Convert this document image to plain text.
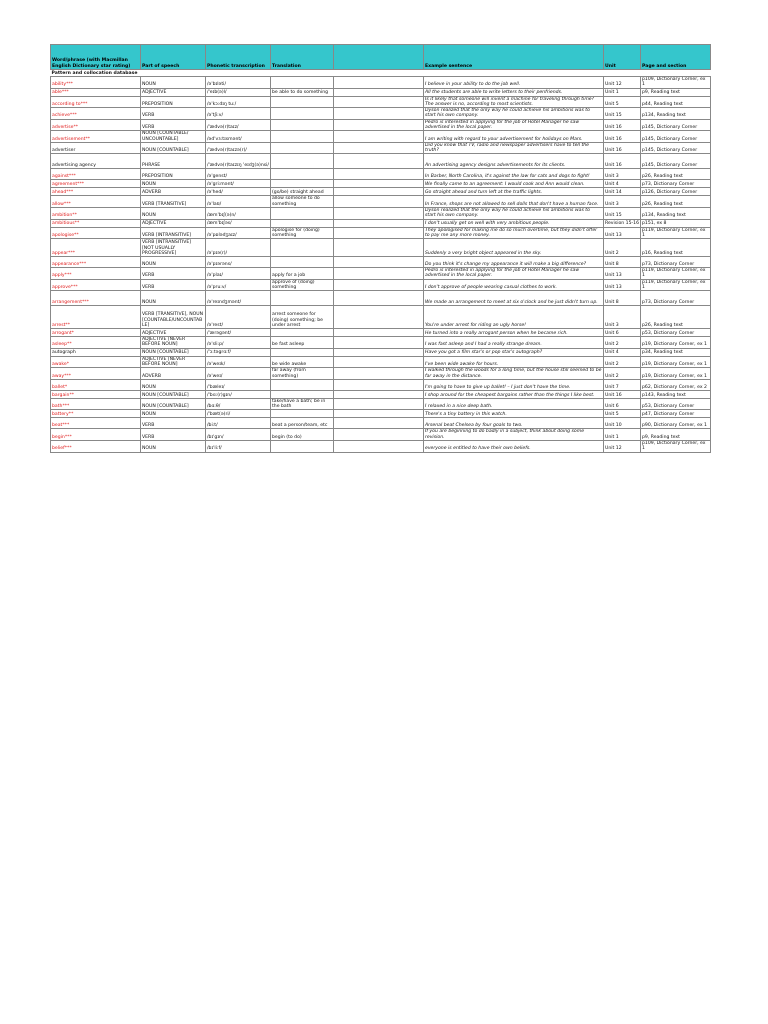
Word/phrase (with Macmillan English Dictionary star rating)	Part of speech	Phonetic transcription	Translation		Example sentence	Unit	Page and section
Pattern and collocation database							
ability***	NOUN	/ə'bɪləti/			I believe in your ability to do the job well.	Unit 12	p109, Dictionary Corner, ex 1
able***	ADJECTIVE	/'eɪb(ə)l/	be able to do something		All the students are able to write letters to their penfriends.	Unit 1	p9, Reading text
according to***	PREPOSITION	/ə'kɔːdɪŋ tuː/			Is it likely that someone will invent a machine for traveling through time? The answer is no, according to most scientists.	Unit 5	p44, Reading text
achieve***	VERB	/ə'tʃiːv/			Dyson realized that the only way he could achieve his ambitions was to start his own company.	Unit 15	p134, Reading text
advertise**	VERB	/'ædvə(r)taɪz/			Pedro is interested in applying for the job of Hotel Manager he saw advertised in the local paper.	Unit 16	p145, Dictionary Corner
advertisement**	NOUN [COUNTABLE/ UNCOUNTABLE]	/əd'vɜːtɪsmənt/			I am writing with regard to your advertisement for holidays on Mars.	Unit 16	p145, Dictionary Corner
advertiser	NOUN [COUNTABLE]	/'ædvə(r)taɪzə(r)/			Did you know that TV, radio and newspaper advertisers have to tell the truth?	Unit 16	p145, Dictionary Corner
advertising agency	PHRASE	/'ædvə(r)taɪzɪŋ 'eɪdʒ(ə)nsi/			An advertising agency designs advertisements for its clients.	Unit 16	p145, Dictionary Corner
against***	PREPOSITION	/ə'genst/			In Barber, North Carolina, it's against the law for cats and dogs to fight!	Unit 3	p26, Reading text
agreement***	NOUN	/ə'griːmənt/			We finally came to an agreement: I would cook and Ann would clean.	Unit 4	p73, Dictionary Corner
ahead***	ADVERB	/ə'hed/	(go/be) straight ahead		Go straight ahead and turn left at the traffic lights.	Unit 14	p126, Dictionary Corner
allow***	VERB [TRANSITIVE]	/ə'laʊ/	allow someone to do something		In France, shops are not allowed to sell dolls that don't have a human face.	Unit 3	p26, Reading text
ambition**	NOUN	/æm'bɪʃ(ə)n/			Dyson realized that the only way he could achieve his ambitions was to start his own company.	Unit 15	p134, Reading text
ambitious**	ADJECTIVE	/æm'bɪʃəs/			I don't usually get on well with very ambitious people.	Revision 15-16	p151, ex 8
apologise**	VERB [INTRANSITIVE]	/ə'pɒlədʒaɪz/	apologise for (doing) something		They apologised for making me do so much overtime, but they didn't offer to pay me any more money.	Unit 13	p119, Dictionary Corner, ex 1
appear***	VERB [INTRANSITIVE] [NOT USUALLY PROGRESSIVE]	/ə'pɪə(r)/			Suddenly a very bright object appeared in the sky.	Unit 2	p16, Reading text
appearance***	NOUN	/ə'pɪərəns/			Do you think it's change my appearance it will make a big difference?	Unit 8	p73, Dictionary Corner
apply***	VERB	/ə'plaɪ/	apply for a job		Pedro is interested in applying for the job of Hotel Manager he saw advertised in the local paper.	Unit 13	p119, Dictionary Corner, ex 1
approve***	VERB	/ə'pruːv/	approve of (doing) something		I don't approve of people wearing casual clothes to work.	Unit 13	p119, Dictionary Corner, ex 1
arrangement***	NOUN	/ə'reɪndʒmənt/			We made an arrangement to meet at six o'clock and he just didn't turn up.	Unit 8	p73, Dictionary Corner
arrest**	VERB [TRANSITIVE], NOUN [COUNTABLE/UNCOUNTABLE]	/ə'rest/	arrest someone for (doing) something; be under arrest		You're under arrest for riding an ugly horse!	Unit 3	p26, Reading text
arrogant*	ADJECTIVE	/'ærəgənt/			He turned into a really arrogant person when he became rich.	Unit 6	p53, Dictionary Corner
asleep**	ADJECTIVE [NEVER BEFORE NOUN]	/ə'sliːp/	be fast asleep		I was fast asleep and I had a really strange dream.	Unit 2	p19, Dictionary Corner, ex 1
autograph	NOUN [COUNTABLE]	/'ɔːtəgrɑːf/			Have you got a film star's or pop star's autograph?	Unit 4	p34, Reading text
awake*	ADJECTIVE [NEVER BEFORE NOUN]	/ə'weɪk/	be wide awake		I've been wide awake for hours.	Unit 2	p19, Dictionary Corner, ex 1
away***	ADVERB	/ə'weɪ/	far away (from something)		I walked through the woods for a long time, but the house still seemed to be far away in the distance.	Unit 2	p19, Dictionary Corner, ex 1
ballet*	NOUN	/'bæleɪ/			I'm going to have to give up ballet! – I just don't have the time.	Unit 7	p62, Dictionary Corner, ex 2
bargain**	NOUN [COUNTABLE]	/'bɑː(r)gɪn/			I shop around for the cheapest bargains rather than the things I like best.	Unit 16	p143, Reading text
bath***	NOUN [COUNTABLE]	/bɑːθ/	take/have a bath; be in the bath		I relaxed in a nice deep bath.	Unit 6	p53, Dictionary Corner
battery**	NOUN	/'bæt(ə)ri/			There's a tiny battery in this watch.	Unit 5	p47, Dictionary Corner
beat***	VERB	/biːt/	beat a person/team, etc		Arsenal beat Chelsea by four goals to two.	Unit 10	p90, Dictionary Corner, ex 1
begin***	VERB	/bɪ'gɪn/	begin (to do)		If you are beginning to do badly in a subject, think about doing some revision.	Unit 1	p9, Reading text
belief***	NOUN	/bɪ'liːf/			everyone is entitled to have their own beliefs.	Unit 12	p109, Dictionary Corner, ex 1
